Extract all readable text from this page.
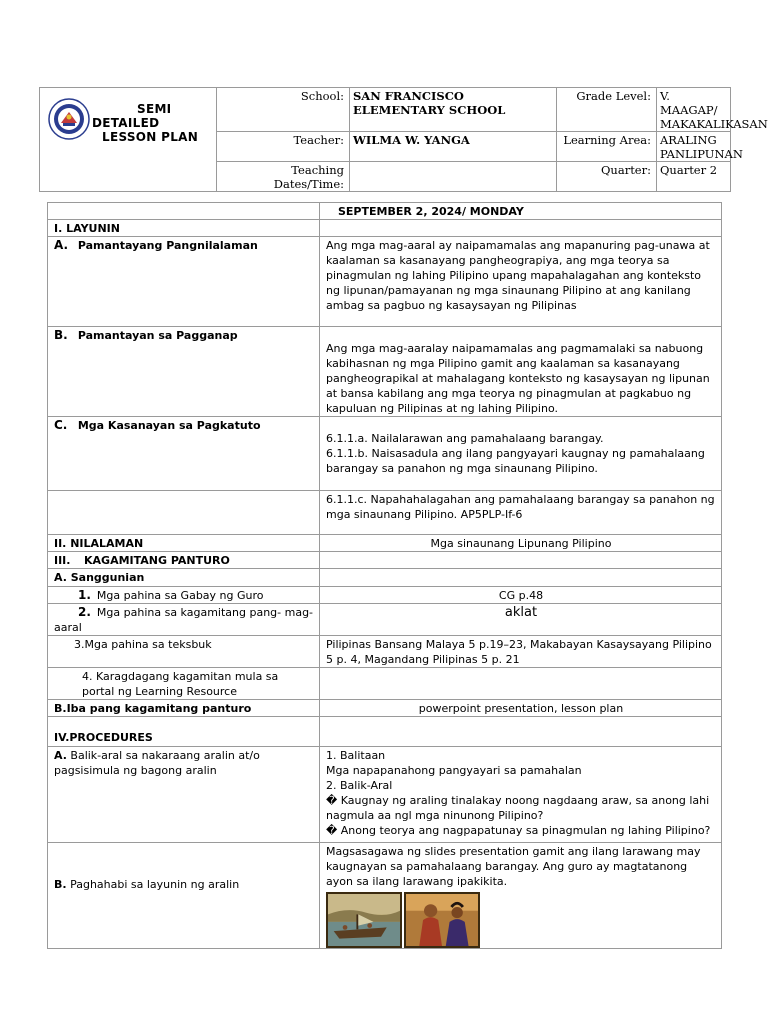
SEMI
DETAILED
LESSON PLAN	School:	SAN FRANCISCO ELEMENTARY SCHOOL	Grade Level:	V. MAAGAP/ MAKAKALIKASAN
	Teacher:	WILMA W. YANGA	Learning Area:	ARALING PANLIPUNAN
	Teaching Dates/Time:		Quarter:	Quarter 2
	SEPTEMBER 2, 2024/ MONDAY
I. LAYUNIN	
A. Pamantayang Pangnilalaman	Ang mga mag-aaral ay naipamamalas ang mapanuring pag-unawa at kaalaman sa kasanayang pangheograpiya, ang mga teorya sa pinagmulan ng lahing Pilipino upang mapahalagahan ang konteksto ng lipunan/pamayanan ng mga sinaunang Pilipino at ang kanilang ambag sa pagbuo ng kasaysayan ng Pilipinas
B. Pamantayan sa Pagganap	Ang mga mag-aaralay naipamamalas ang pagmamalaki sa nabuong kabihasnan ng mga Pilipino gamit ang kaalaman sa kasanayang pangheograpikal at mahalagang konteksto ng kasaysayan ng lipunan at bansa kabilang ang mga teorya ng pinagmulan at pagkabuo ng kapuluan ng Pilipinas at ng lahing Pilipino.
C. Mga Kasanayan sa Pagkatuto	6.1.1.a. Nailalarawan ang pamahalaang barangay.
6.1.1.b. Naisasadula ang ilang pangyayari kaugnay ng pamahalaang barangay sa panahon ng mga sinaunang Pilipino.

	6.1.1.c. Napahahalagahan ang pamahalaang barangay sa panahon ng mga sinaunang Pilipino. AP5PLP-If-6
II. NILALAMAN	Mga sinaunang Lipunang Pilipino
III. KAGAMITANG PANTURO	
A. Sanggunian	
1. Mga pahina sa Gabay ng Guro	CG p.48
2. Mga pahina sa kagamitang pang- mag-aaral	aklat
3.Mga pahina sa teksbuk	Pilipinas Bansang Malaya 5 p.19–23, Makabayan Kasaysayang Pilipino 5 p. 4, Magandang Pilipinas 5 p. 21
4. Karagdagang kagamitan mula sa portal ng Learning Resource	
B.Iba pang kagamitang panturo	powerpoint presentation, lesson plan
IV.PROCEDURES	
A. Balik-aral sa nakaraang aralin at/o pagsisimula ng bagong aralin	1. Balitaan
Mga napapanahong pangyayari sa pamahalan
2. Balik-Aral
� Kaugnay ng araling tinalakay noong nagdaang araw, sa anong lahi nagmula aa ngl mga ninunong Pilipino?
� Anong teorya ang nagpapatunay sa pinagmulan ng lahing Pilipino?

B. Paghahabi sa layunin ng aralin	Magsasagawa ng slides presentation gamit ang ilang larawang may kaugnayan sa pamahalaang barangay. Ang guro ay magtatanong ayon sa ilang larawang ipakikita.
